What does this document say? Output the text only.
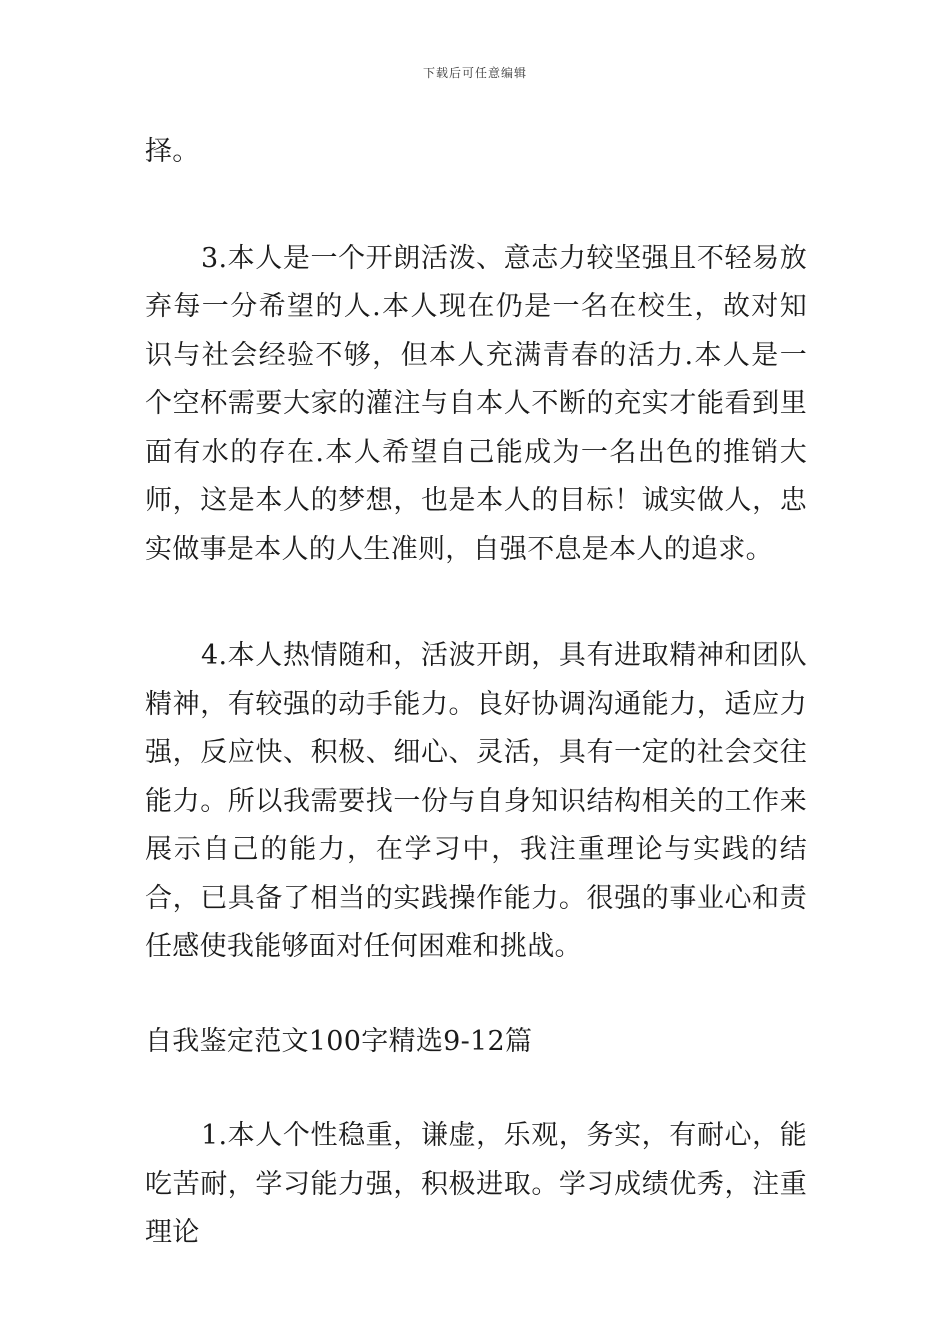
下载后可任意编辑

择。

3.本人是一个开朗活泼、意志力较坚强且不轻易放弃每一分希望的人.本人现在仍是一名在校生，故对知识与社会经验不够，但本人充满青春的活力.本人是一个空杯需要大家的灌注与自本人不断的充实才能看到里面有水的存在.本人希望自己能成为一名出色的推销大师，这是本人的梦想，也是本人的目标！诚实做人，忠实做事是本人的人生准则，自强不息是本人的追求。

4.本人热情随和，活波开朗，具有进取精神和团队精神，有较强的动手能力。良好协调沟通能力，适应力强，反应快、积极、细心、灵活，具有一定的社会交往能力。所以我需要找一份与自身知识结构相关的工作来展示自己的能力，在学习中，我注重理论与实践的结合，已具备了相当的实践操作能力。很强的事业心和责任感使我能够面对任何困难和挑战。

自我鉴定范文100字精选9-12篇

1.本人个性稳重，谦虚，乐观，务实，有耐心，能吃苦耐，学习能力强，积极进取。学习成绩优秀，注重理论
